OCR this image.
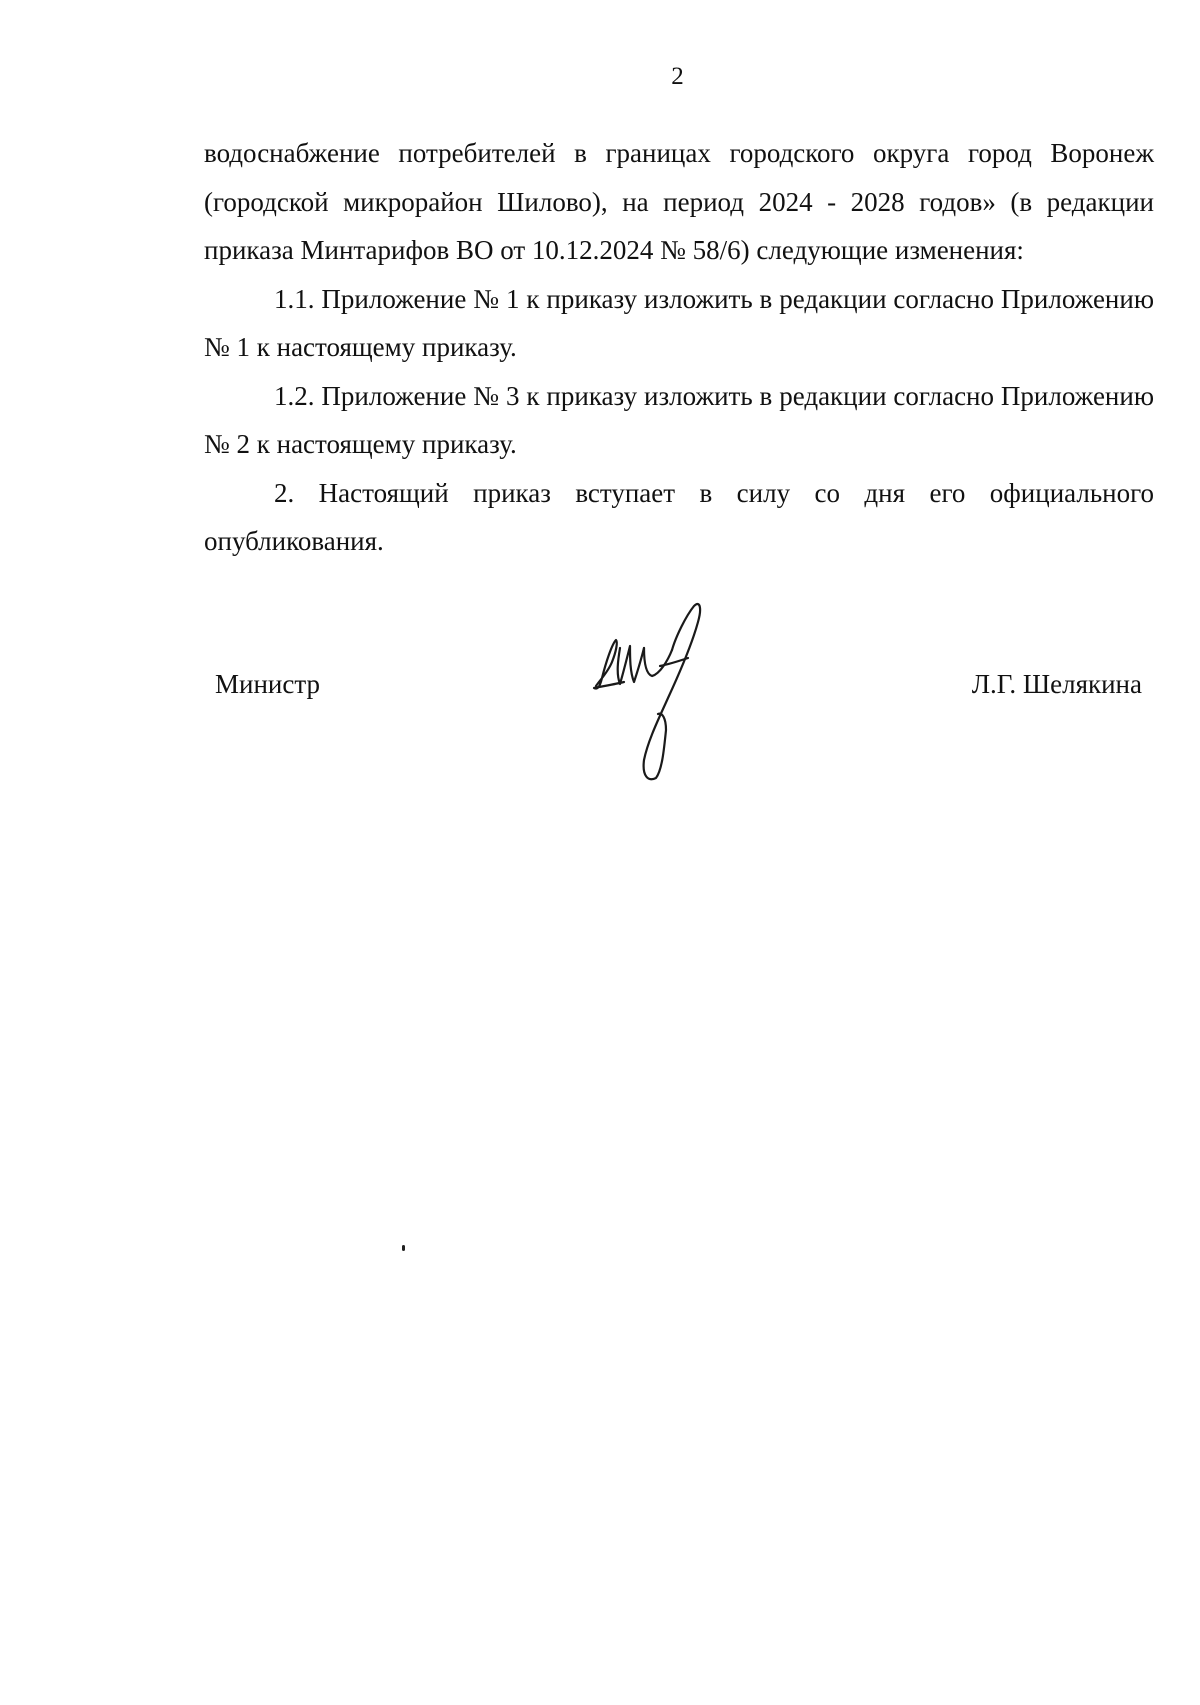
2

водоснабжение потребителей в границах городского округа город Воронеж (городской микрорайон Шилово), на период 2024 - 2028 годов» (в редакции приказа Минтарифов ВО от 10.12.2024 № 58/6) следующие изменения:

1.1. Приложение № 1 к приказу изложить в редакции согласно Приложению № 1 к настоящему приказу.

1.2. Приложение № 3 к приказу изложить в редакции согласно Приложению № 2 к настоящему приказу.

2. Настоящий приказ вступает в силу со дня его официального опубликования.

Министр	Л.Г. Шелякина
